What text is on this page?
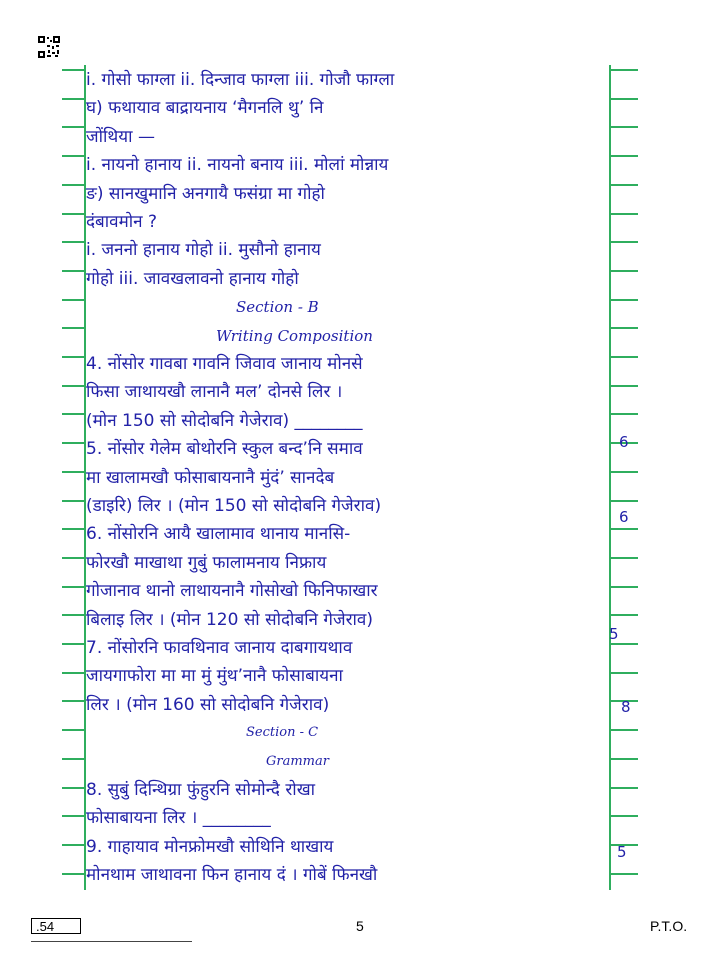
i. गोसो फाग्ला ii. दिन्जाव फाग्ला iii. गोजौ फाग्ला
घ) फथायाव बाद्रायनाय ‘मैगनलि थु’ नि
जोंथिया —
i. नायनो हानाय ii. नायनो बनाय iii. मोलां मोन्नाय
ङ) सानखुमानि अनगायै फसंग्रा मा गोहो
दंबावमोन ?
i. जननो हानाय गोहो ii. मुसौनो हानाय
गोहो iii. जावखलावनो हानाय गोहो
Section - B
Writing Composition
4. नोंसोर गावबा गावनि जिवाव जानाय मोनसे
फिसा जाथायखौ लानानै मल’ दोनसे लिर ।
(मोन 150 सो सोदोबनि गेजेराव) ________
5. नोंसोर गेलेम बोथोरनि स्कुल बन्द’नि समाव
मा खालामखौ फोसाबायनानै मुंदं’ सानदेब
(डाइरि) लिर । (मोन 150 सो सोदोबनि गेजेराव)
6. नोंसोरनि आयै खालामाव थानाय मानसि-
फोरखौ माखाथा गुबुं फालामनाय निफ्राय
गोजानाव थानो लाथायनानै गोसोखो फिनिफाखार
बिलाइ लिर । (मोन 120 सो सोदोबनि गेजेराव)
7. नोंसोरनि फावथिनाव जानाय दाबगायथाव
जायगाफोरा मा मा मुं मुंथ’नानै फोसाबायना
लिर । (मोन 160 सो सोदोबनि गेजेराव)
Section - C
Grammar
8. सुबुं दिन्थिग्रा फुंहुरनि सोमोन्दै रोखा
फोसाबायना लिर । ________
9. गाहायाव मोनफ्रोमखौ सोथिनि थाखाय
मोनथाम जाथावना फिन हानाय दं । गोबें फिनखौ
6
6
5
8
5
.54	5	P.T.O.
